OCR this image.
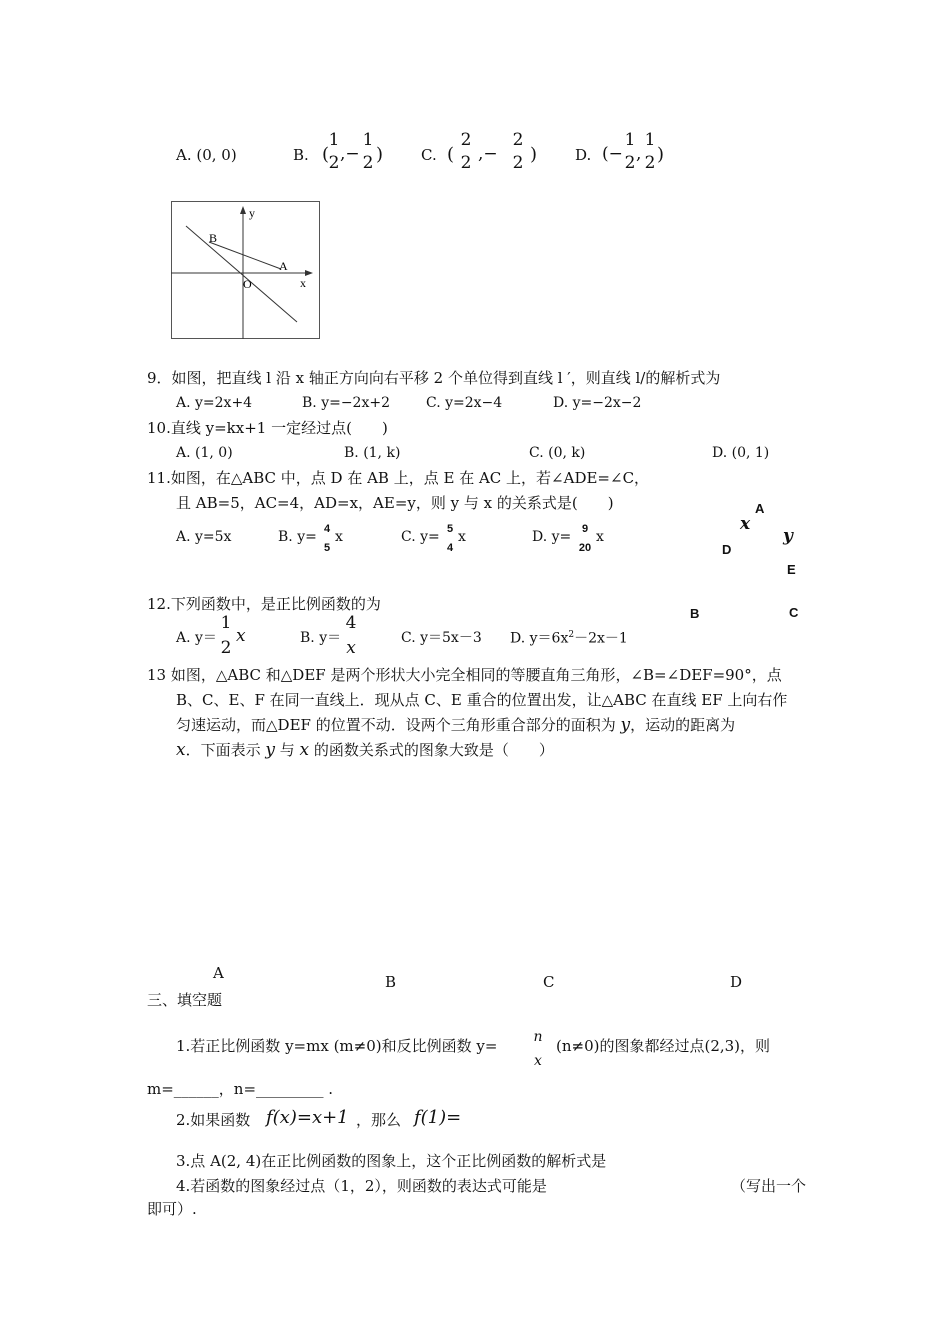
A. (0, 0)	B. (
1
2 ,−
1
2 )	C. (
2
2 ,−
2
2 )	D. (−
1
2 ,
1
2 )
y
x
O
A
B
9．如图，把直线 l 沿 x 轴正方向向右平移 2 个单位得到直线 l ′，则直线 l/的解析式为
A. y=2x+4	B. y=−2x+2	C. y=2x−4	D. y=−2x−2
10.直线 y=kx+1 一定经过点(　　)
A. (1, 0)	B. (1, k)	C. (0, k)	D. (0, 1)
11.如图，在△ABC 中，点 D 在 AB 上，点 E 在 AC 上，若∠ADE=∠C，
且 AB=5，AC=4，AD=x，AE=y，则 y 与 x 的关系式是(　　)
A. y=5x	B. y= 4
5
x	C. y= 5
4
x	D. y= 9
20
x
A
x
D
y
E
B	C
12.下列函数中，是正比例函数的为
A. y＝
1
2
x	B. y＝
4
x	C. y＝5x－3 D. $y=6x^2-2x-1$
13 如图，△ABC 和△DEF 是两个形状大小完全相同的等腰直角三角形，∠B=∠DEF=90°，点
B、C、E、F 在同一直线上．现从点 C、E 重合的位置出发，让△ABC 在直线 EF 上向右作
匀速运动，而△DEF 的位置不动．设两个三角形重合部分的面积为 y，运动的距离为
x．下面表示 y 与 x 的函数关系式的图象大致是（　　）
A	B	C	D
三、填空题
1.若正比例函数 y=mx (m≠0)和反比例函数 y=	n
x
(n≠0)的图象都经过点(2,3)，则
m=______，n=_________ .
2.如果函数 f(x)=x+1 ，那么 f(1)=
3.点 A(2, 4)在正比例函数的图象上，这个正比例函数的解析式是
4.若函数的图象经过点（1，2），则函数的表达式可能是	（写出一个
即可）.
